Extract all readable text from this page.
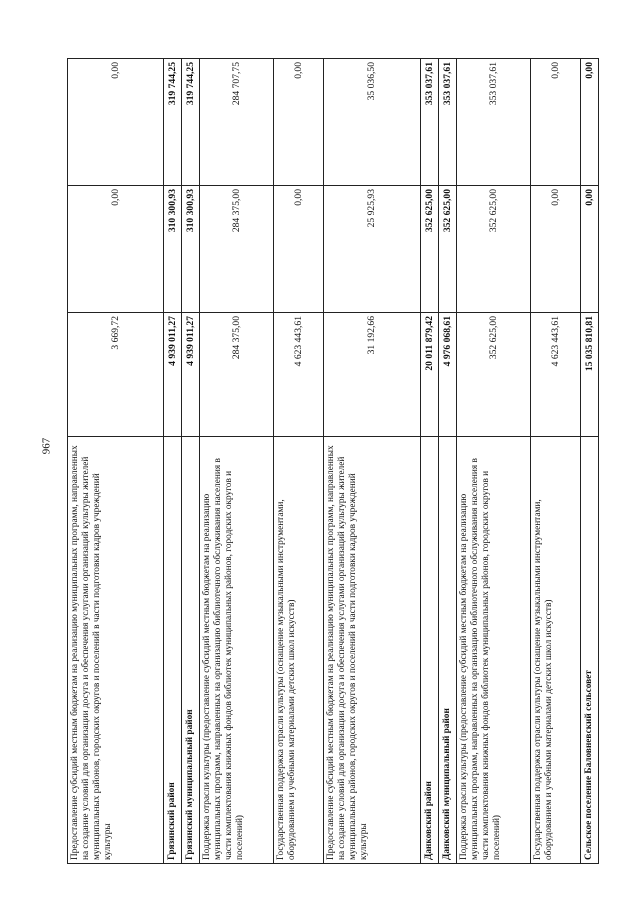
967 Предоставление субсидий местным бюджетам на реализацию муниципальных программ, направленных на создание условий для организации досуга и обеспечения услугами организаций культуры жителей муниципальных районов, городских округов и поселений в части подготовки кадров учреждений культуры	3 669,72	0,00	0,00
Грязинский район	4 939 011,27	310 300,93	319 744,25
Грязинский муниципальный район	4 939 011,27	310 300,93	319 744,25
Поддержка отрасли культуры (предоставление субсидий местным бюджетам на реализацию муниципальных программ, направленных на организацию библиотечного обслуживания населения в части комплектования книжных фондов библиотек муниципальных районов, городских округов и поселений)	284 375,00	284 375,00	284 707,75
Государственная поддержка отрасли культуры (оснащение музыкальными инструментами, оборудованием и учебными материалами детских школ искусств)	4 623 443,61	0,00	0,00
Предоставление субсидий местным бюджетам на реализацию муниципальных программ, направленных на создание условий для организации досуга и обеспечения услугами организаций культуры жителей муниципальных районов, городских округов и поселений в части подготовки кадров учреждений культуры	31 192,66	25 925,93	35 036,50
Данковский район	20 011 879,42	352 625,00	353 037,61
Данковский муниципальный район	4 976 068,61	352 625,00	353 037,61
Поддержка отрасли культуры (предоставление субсидий местным бюджетам на реализацию муниципальных программ, направленных на организацию библиотечного обслуживания населения в части комплектования книжных фондов библиотек муниципальных районов, городских округов и поселений)	352 625,00	352 625,00	353 037,61
Государственная поддержка отрасли культуры (оснащение музыкальными инструментами, оборудованием и учебными материалами детских школ искусств)	4 623 443,61	0,00	0,00
Сельское поселение Баловневский сельсовет	15 035 810,81	0,00	0,00
